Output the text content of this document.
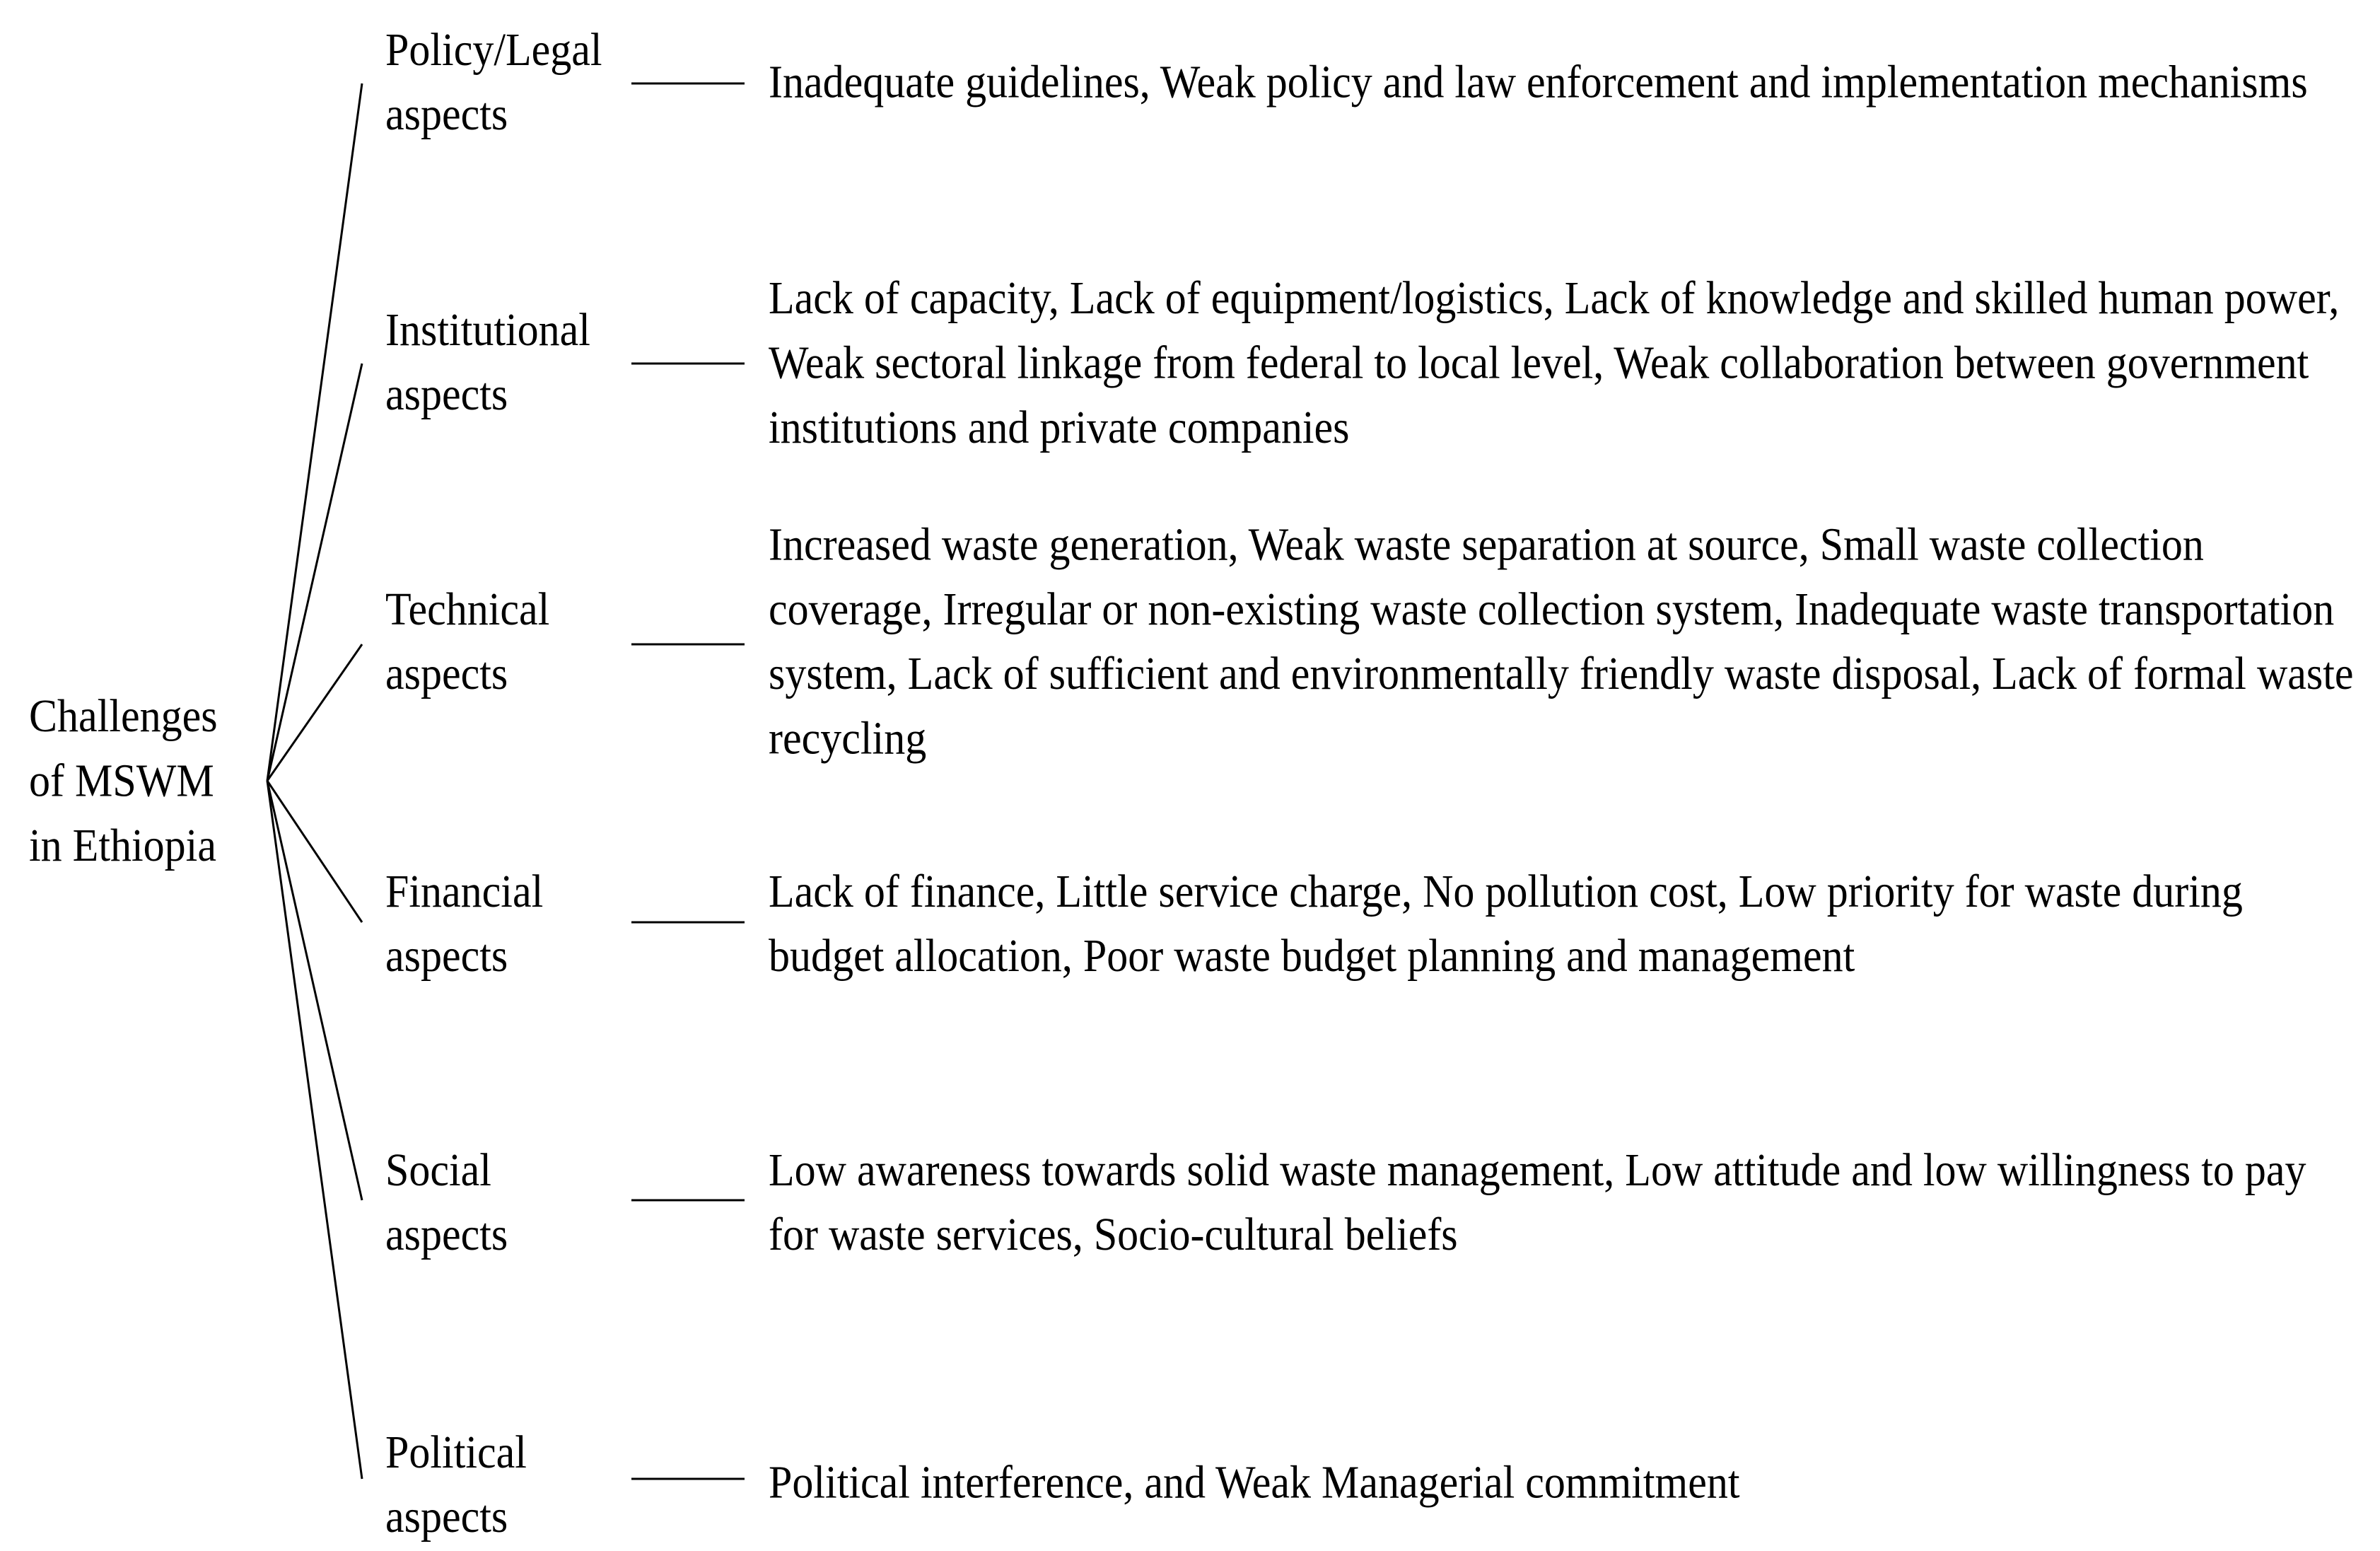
Challenges
of MSWM
in Ethiopia
Policy/Legal
aspects
Inadequate guidelines, Weak policy and law enforcement and implementation mechanisms
Institutional
aspects
Lack of capacity, Lack of equipment/logistics, Lack of knowledge and skilled human power,
Weak sectoral linkage from federal to local level, Weak collaboration between government
institutions and private companies
Technical
aspects
Increased waste generation, Weak waste separation at source, Small waste collection
coverage, Irregular or non-existing waste collection system, Inadequate waste transportation
system, Lack of sufficient and environmentally friendly waste disposal, Lack of formal waste
recycling
Financial
aspects
Lack of finance, Little service charge, No pollution cost, Low priority for waste during
budget allocation, Poor waste budget planning and management
Social
aspects
Low awareness towards solid waste management, Low attitude and low willingness to pay
for waste services, Socio-cultural beliefs
Political
aspects
Political interference, and Weak Managerial commitment
